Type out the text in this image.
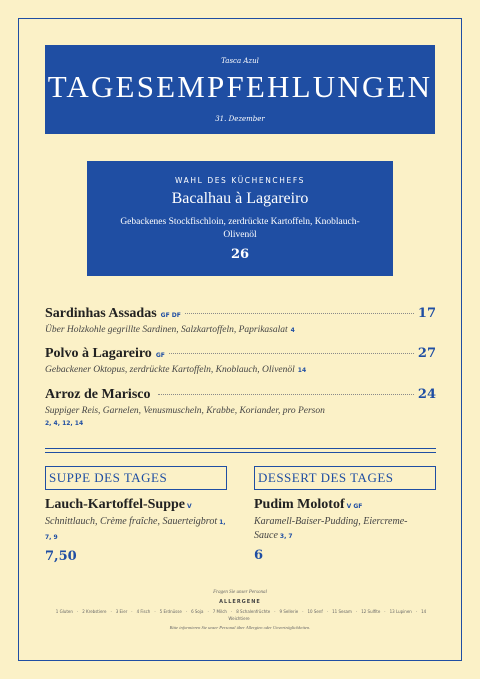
Tasca Azul
TAGESEMPFEHLUNGEN
31. Dezember
WAHL DES KÜCHENCHEFS
Bacalhau à Lagareiro
Gebackenes Stockfischloin, zerdrückte Kartoffeln, Knoblauch-Olivenöl
26
Sardinhas Assadas GF DF	17
Über Holzkohle gegrillte Sardinen, Salzkartoffeln, Paprikasalat 4
Polvo à Lagareiro GF	27
Gebackener Oktopus, zerdrückte Kartoffeln, Knoblauch, Olivenöl 14
Arroz de Marisco	24
Suppiger Reis, Garnelen, Venusmuscheln, Krabbe, Koriander, pro Person
2, 4, 12, 14
SUPPE DES TAGES
Lauch-Kartoffel-Suppe V
Schnittlauch, Crème fraîche, Sauerteigbrot 1, 7, 9
7,50
DESSERT DES TAGES
Pudim Molotof V GF
Karamell-Baiser-Pudding, Eiercreme-Sauce 3, 7
6
Fragen Sie unser Personal
ALLERGENE
1 Gluten · 2 Krebstiere · 3 Eier · 4 Fisch · 5 Erdnüsse · 6 Soja · 7 Milch · 8 Schalenfrüchte · 9 Sellerie · 10 Senf · 11 Sesam · 12 Sulfite · 13 Lupinen · 14 Weichtiere
Bitte informieren Sie unser Personal über Allergien oder Unverträglichkeiten.
